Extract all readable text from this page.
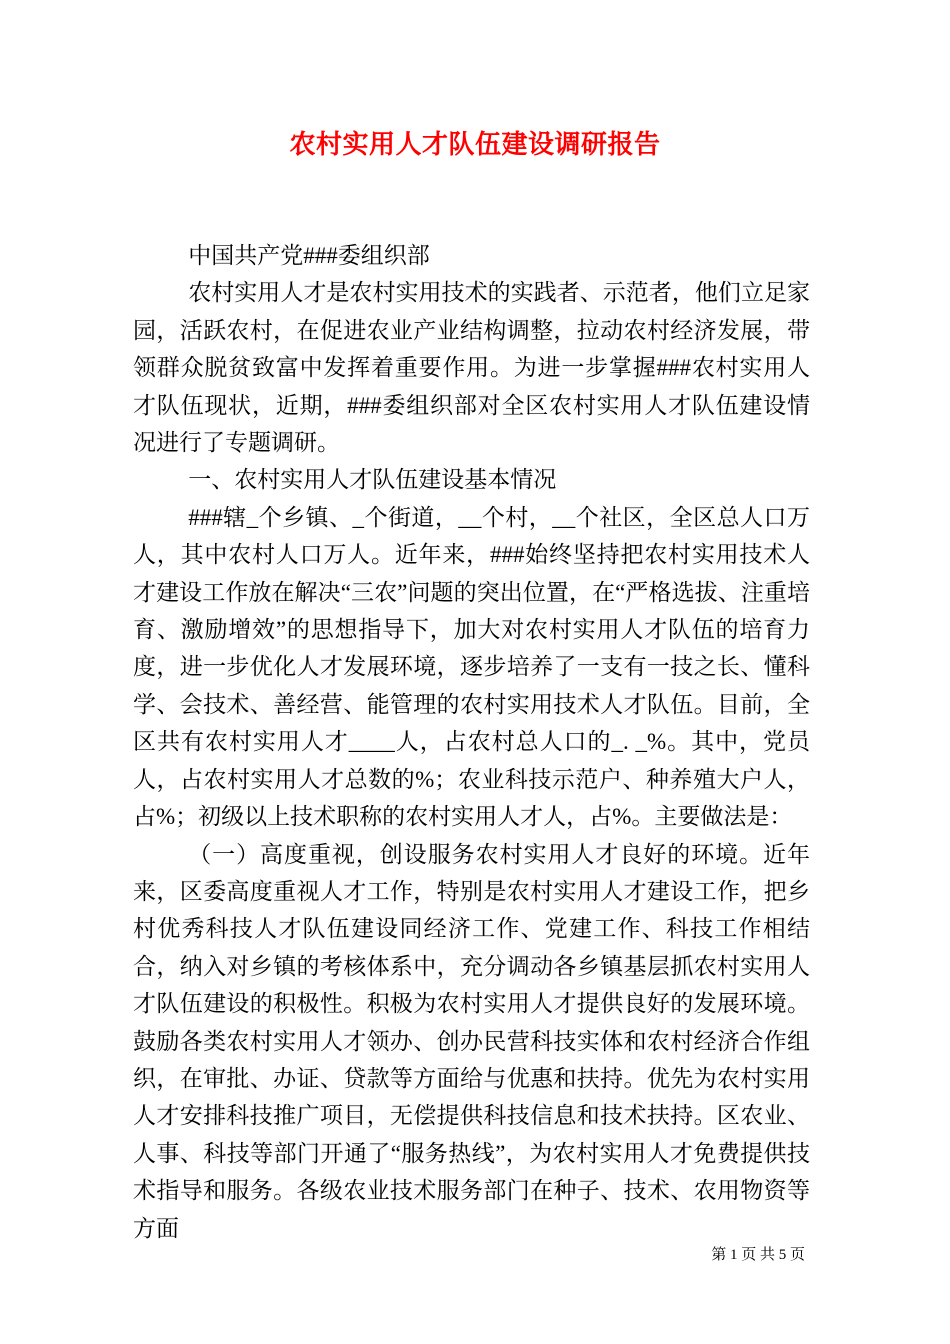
农村实用人才队伍建设调研报告

中国共产党###委组织部

农村实用人才是农村实用技术的实践者、示范者，他们立足家园，活跃农村，在促进农业产业结构调整，拉动农村经济发展，带领群众脱贫致富中发挥着重要作用。为进一步掌握###农村实用人才队伍现状，近期，###委组织部对全区农村实用人才队伍建设情况进行了专题调研。

一、农村实用人才队伍建设基本情况

###辖_个乡镇、_个街道，__个村，__个社区，全区总人口万人，其中农村人口万人。近年来，###始终坚持把农村实用技术人才建设工作放在解决“三农”问题的突出位置，在“严格选拔、注重培育、激励增效”的思想指导下，加大对农村实用人才队伍的培育力度，进一步优化人才发展环境，逐步培养了一支有一技之长、懂科学、会技术、善经营、能管理的农村实用技术人才队伍。目前，全区共有农村实用人才____人，占农村总人口的_. _%。其中，党员人，占农村实用人才总数的%；农业科技示范户、种养殖大户人，占%；初级以上技术职称的农村实用人才人，占%。主要做法是：

（一）高度重视，创设服务农村实用人才良好的环境。近年来，区委高度重视人才工作，特别是农村实用人才建设工作，把乡村优秀科技人才队伍建设同经济工作、党建工作、科技工作相结合，纳入对乡镇的考核体系中，充分调动各乡镇基层抓农村实用人才队伍建设的积极性。积极为农村实用人才提供良好的发展环境。鼓励各类农村实用人才领办、创办民营科技实体和农村经济合作组织，在审批、办证、贷款等方面给与优惠和扶持。优先为农村实用人才安排科技推广项目，无偿提供科技信息和技术扶持。区农业、人事、科技等部门开通了“服务热线”，为农村实用人才免费提供技术指导和服务。各级农业技术服务部门在种子、技术、农用物资等方面

第 1 页 共 5 页
